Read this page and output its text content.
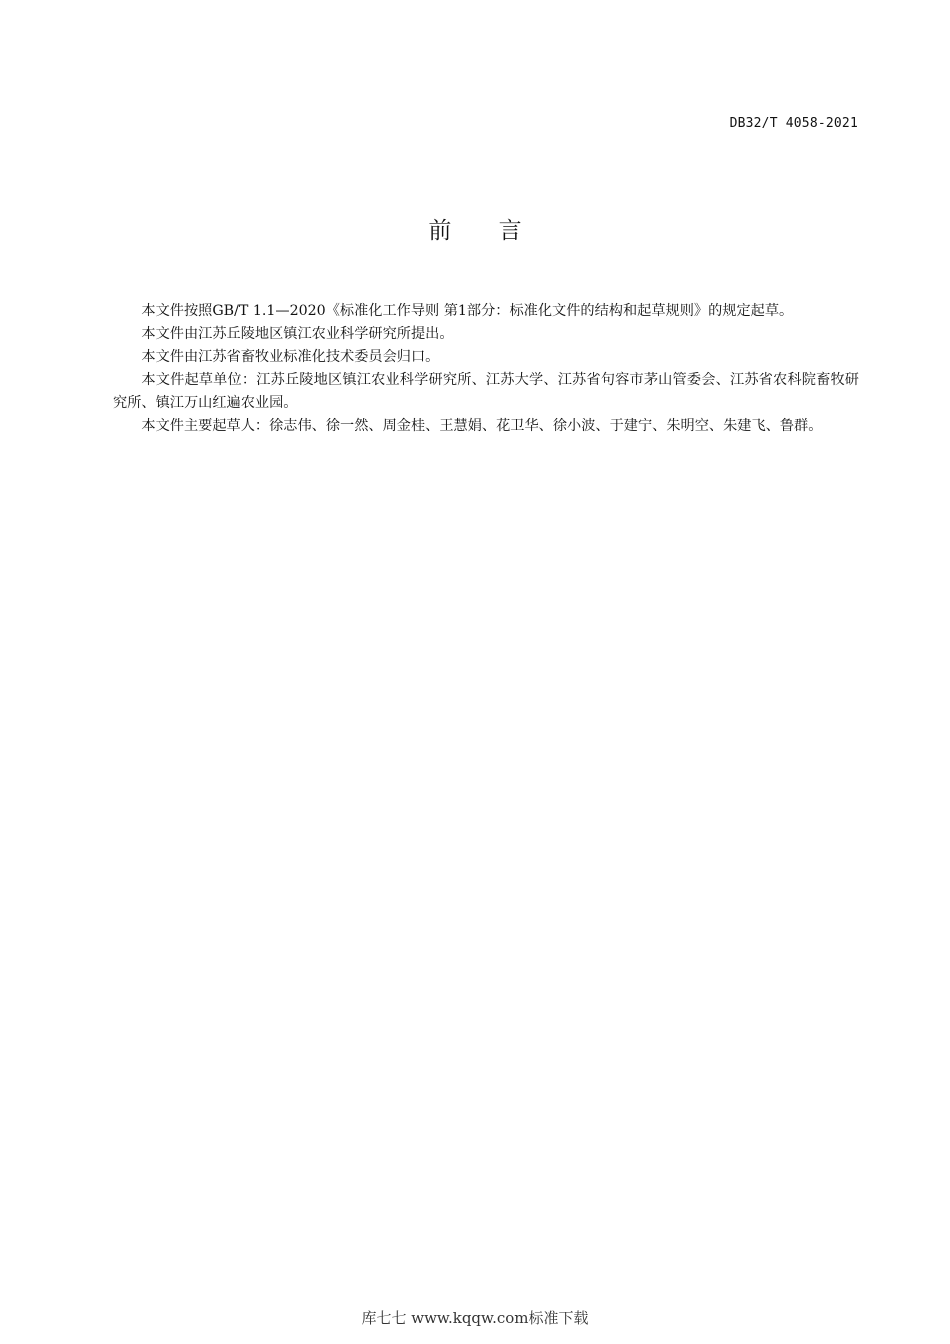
DB32/T 4058-2021
前 言

本文件按照GB/T 1.1—2020《标准化工作导则 第1部分：标准化文件的结构和起草规则》的规定起草。

本文件由江苏丘陵地区镇江农业科学研究所提出。

本文件由江苏省畜牧业标准化技术委员会归口。

本文件起草单位：江苏丘陵地区镇江农业科学研究所、江苏大学、江苏省句容市茅山管委会、江苏省农科院畜牧研究所、镇江万山红遍农业园。

本文件主要起草人：徐志伟、徐一然、周金桂、王慧娟、花卫华、徐小波、于建宁、朱明空、朱建飞、鲁群。

库七七 www.kqqw.com标准下载
